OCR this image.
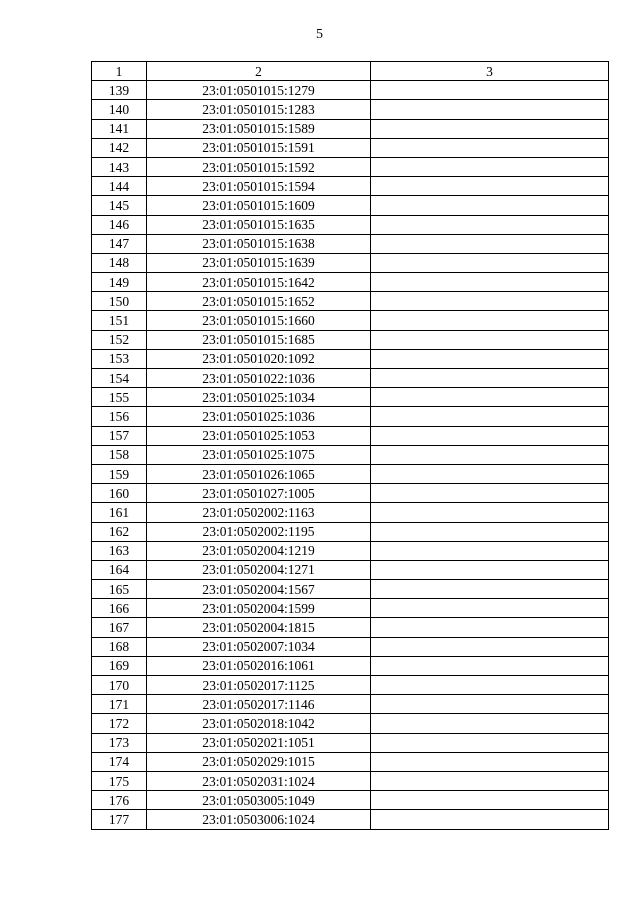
5
1	2	3
139	23:01:0501015:1279	
140	23:01:0501015:1283	
141	23:01:0501015:1589	
142	23:01:0501015:1591	
143	23:01:0501015:1592	
144	23:01:0501015:1594	
145	23:01:0501015:1609	
146	23:01:0501015:1635	
147	23:01:0501015:1638	
148	23:01:0501015:1639	
149	23:01:0501015:1642	
150	23:01:0501015:1652	
151	23:01:0501015:1660	
152	23:01:0501015:1685	
153	23:01:0501020:1092	
154	23:01:0501022:1036	
155	23:01:0501025:1034	
156	23:01:0501025:1036	
157	23:01:0501025:1053	
158	23:01:0501025:1075	
159	23:01:0501026:1065	
160	23:01:0501027:1005	
161	23:01:0502002:1163	
162	23:01:0502002:1195	
163	23:01:0502004:1219	
164	23:01:0502004:1271	
165	23:01:0502004:1567	
166	23:01:0502004:1599	
167	23:01:0502004:1815	
168	23:01:0502007:1034	
169	23:01:0502016:1061	
170	23:01:0502017:1125	
171	23:01:0502017:1146	
172	23:01:0502018:1042	
173	23:01:0502021:1051	
174	23:01:0502029:1015	
175	23:01:0502031:1024	
176	23:01:0503005:1049	
177	23:01:0503006:1024	
